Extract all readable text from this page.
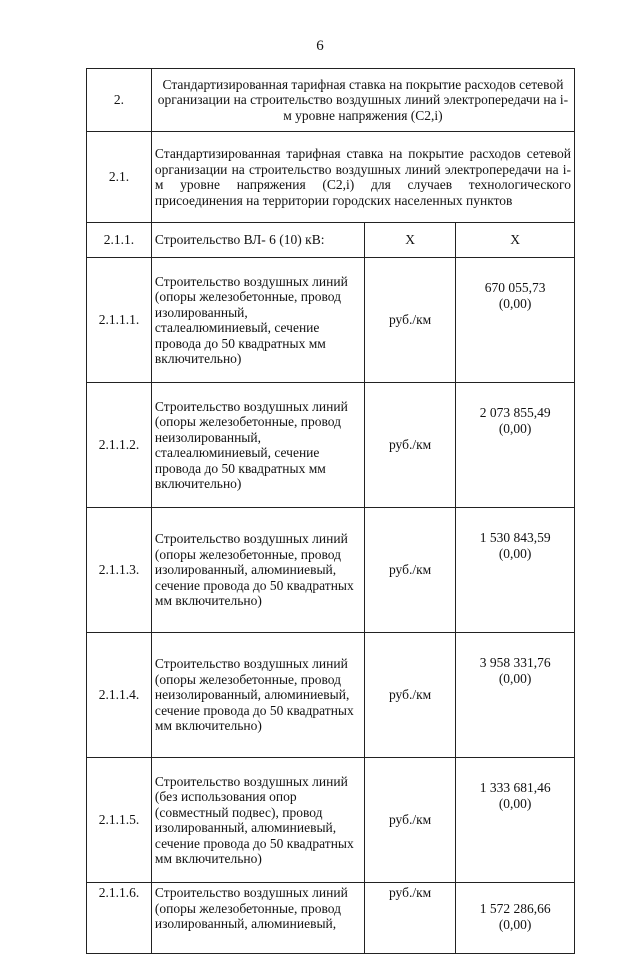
6
2.	Стандартизированная тарифная ставка на покрытие расходов сетевой организации на строительство воздушных линий электропередачи на i-м уровне напряжения (С2,i)		
2.1.	Стандартизированная тарифная ставка на покрытие расходов сетевой организации на строительство воздушных линий электропередачи на i-м уровне напряжения (С2,i) для случаев технологического присоединения на территории городских населенных пунктов		
2.1.1.	Строительство ВЛ- 6 (10) кВ:	Х	Х
2.1.1.1.	Строительство воздушных линий (опоры железобетонные, провод изолированный, сталеалюминиевый, сечение провода до 50 квадратных мм включительно)	руб./км	670 055,73
(0,00)

2.1.1.2.	Строительство воздушных линий (опоры железобетонные, провод неизолированный, сталеалюминиевый, сечение провода до 50 квадратных мм включительно)	руб./км	2 073 855,49
(0,00)

2.1.1.3.	Строительство воздушных линий (опоры железобетонные, провод изолированный, алюминиевый, сечение провода до 50 квадратных мм включительно)	руб./км	1 530 843,59
(0,00)

2.1.1.4.	Строительство воздушных линий (опоры железобетонные, провод неизолированный, алюминиевый, сечение провода до 50 квадратных мм включительно)	руб./км	3 958 331,76
(0,00)

2.1.1.5.	Строительство воздушных линий (без использования опор (совместный подвес), провод изолированный, алюминиевый, сечение провода до 50 квадратных мм включительно)	руб./км	1 333 681,46
(0,00)

2.1.1.6.	Строительство воздушных линий (опоры железобетонные, провод изолированный, алюминиевый,	руб./км	1 572 286,66
(0,00)
